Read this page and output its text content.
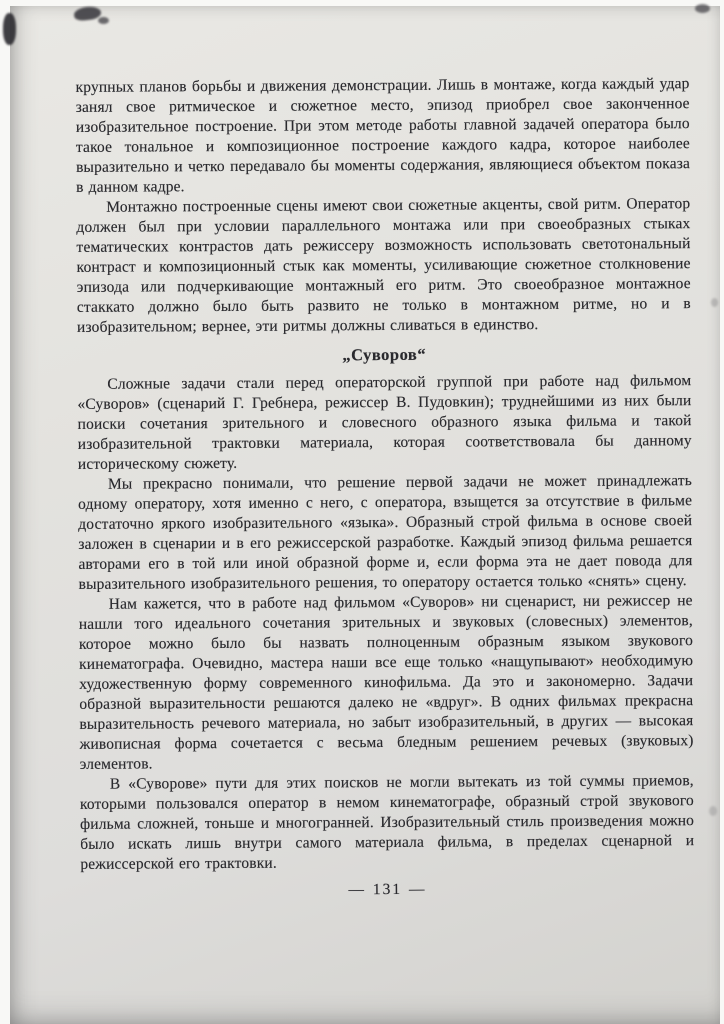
крупных планов борьбы и движения демонстрации. Лишь в монтаже, когда каждый удар занял свое ритмическое и сюжетное место, эпизод приобрел свое законченное изобразительное построение. При этом методе работы главной задачей оператора было такое тональное и композиционное построение каждого кадра, которое наиболее выразительно и четко передавало бы моменты содержания, являющиеся объектом показа в данном кадре.

Монтажно построенные сцены имеют свои сюжетные акценты, свой ритм. Оператор должен был при условии параллельного монтажа или при своеобразных стыках тематических контрастов дать режиссеру возможность использовать светотональный контраст и композиционный стык как моменты, усиливающие сюжетное столкновение эпизода или подчеркивающие монтажный его ритм. Это своеобразное монтажное стаккато должно было быть развито не только в монтажном ритме, но и в изобразительном; вернее, эти ритмы должны сливаться в единство.

„Суворов“

Сложные задачи стали перед операторской группой при работе над фильмом «Суворов» (сценарий Г. Гребнера, режиссер В. Пудовкин); труднейшими из них были поиски сочетания зрительного и словесного образного языка фильма и такой изобразительной трактовки материала, которая соответствовала бы данному историческому сюжету.

Мы прекрасно понимали, что решение первой задачи не может принадлежать одному оператору, хотя именно с него, с оператора, взыщется за отсутствие в фильме достаточно яркого изобразительного «языка». Образный строй фильма в основе своей заложен в сценарии и в его режиссерской разработке. Каждый эпизод фильма решается авторами его в той или иной образной форме и, если форма эта не дает повода для выразительного изобразительного решения, то оператору остается только «снять» сцену.

Нам кажется, что в работе над фильмом «Суворов» ни сценарист, ни режиссер не нашли того идеального сочетания зрительных и звуковых (словесных) элементов, которое можно было бы назвать полноценным образным языком звукового кинематографа. Очевидно, мастера наши все еще только «нащупывают» необходимую художественную форму современного кинофильма. Да это и закономерно. Задачи образной выразительности решаются далеко не «вдруг». В одних фильмах прекрасна выразительность речевого материала, но забыт изобразительный, в других — высокая живописная форма сочетается с весьма бледным решением речевых (звуковых) элементов.

В «Суворове» пути для этих поисков не могли вытекать из той суммы приемов, которыми пользовался оператор в немом кинематографе, образный строй звукового фильма сложней, тоньше и многогранней. Изобразительный стиль произведения можно было искать лишь внутри самого материала фильма, в пределах сценарной и режиссерской его трактовки.

— 131 —
